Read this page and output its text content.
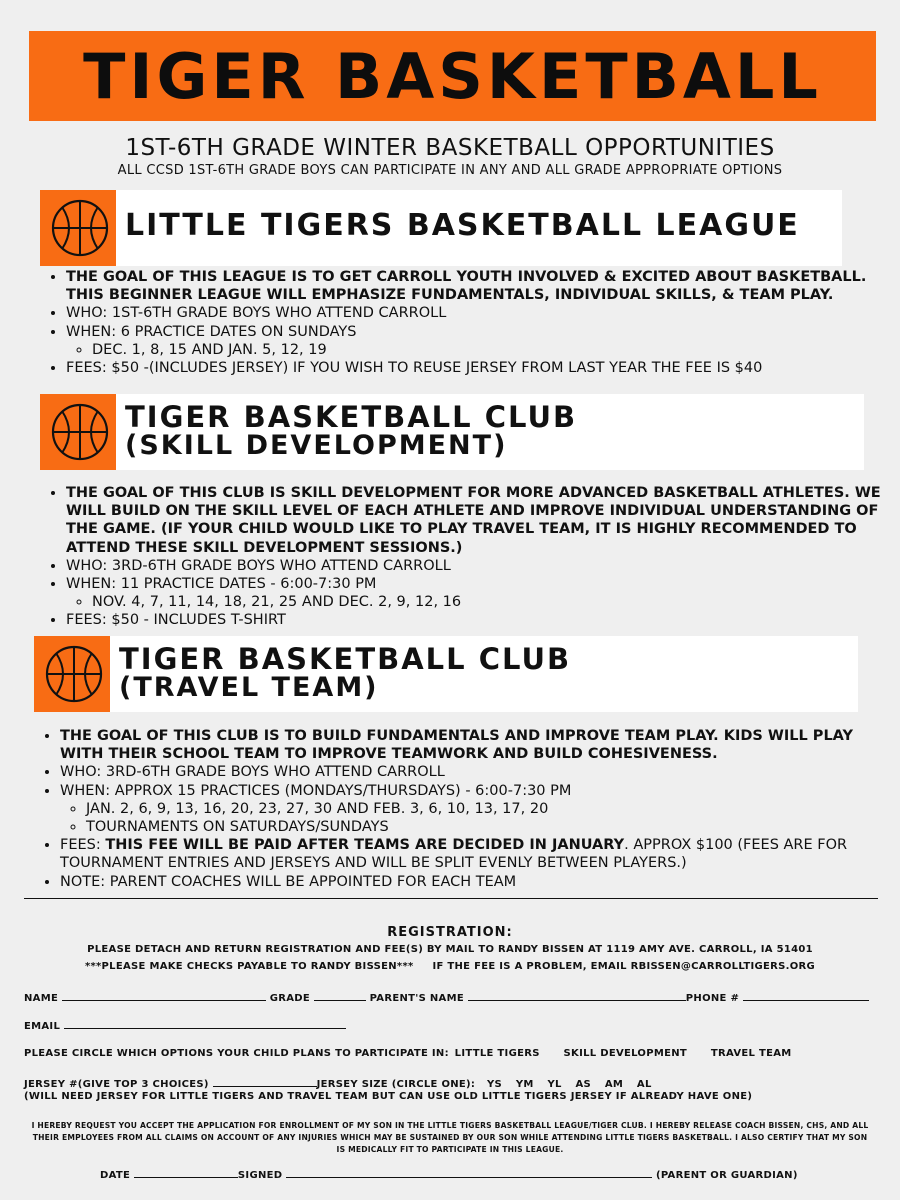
TIGER BASKETBALL
1ST-6TH GRADE WINTER BASKETBALL OPPORTUNITIES
ALL CCSD 1ST-6TH GRADE BOYS CAN PARTICIPATE IN ANY AND ALL GRADE APPROPRIATE OPTIONS
LITTLE TIGERS BASKETBALL LEAGUE
• THE GOAL OF THIS LEAGUE IS TO GET CARROLL YOUTH INVOLVED & EXCITED ABOUT BASKETBALL. THIS BEGINNER LEAGUE WILL EMPHASIZE FUNDAMENTALS, INDIVIDUAL SKILLS, & TEAM PLAY.
• WHO: 1ST-6TH GRADE BOYS WHO ATTEND CARROLL
• WHEN: 6 PRACTICE DATES ON SUNDAYS
◦ DEC. 1, 8, 15 AND JAN. 5, 12, 19
• FEES: $50 -(INCLUDES JERSEY) IF YOU WISH TO REUSE JERSEY FROM LAST YEAR THE FEE IS $40
TIGER BASKETBALL CLUB
(SKILL DEVELOPMENT)
• THE GOAL OF THIS CLUB IS SKILL DEVELOPMENT FOR MORE ADVANCED BASKETBALL ATHLETES. WE WILL BUILD ON THE SKILL LEVEL OF EACH ATHLETE AND IMPROVE INDIVIDUAL UNDERSTANDING OF THE GAME. (IF YOUR CHILD WOULD LIKE TO PLAY TRAVEL TEAM, IT IS HIGHLY RECOMMENDED TO ATTEND THESE SKILL DEVELOPMENT SESSIONS.)
• WHO: 3RD-6TH GRADE BOYS WHO ATTEND CARROLL
• WHEN: 11 PRACTICE DATES - 6:00-7:30 PM
◦ NOV. 4, 7, 11, 14, 18, 21, 25 AND DEC. 2, 9, 12, 16
• FEES: $50 - INCLUDES T-SHIRT
TIGER BASKETBALL CLUB
(TRAVEL TEAM)
• THE GOAL OF THIS CLUB IS TO BUILD FUNDAMENTALS AND IMPROVE TEAM PLAY. KIDS WILL PLAY WITH THEIR SCHOOL TEAM TO IMPROVE TEAMWORK AND BUILD COHESIVENESS.
• WHO: 3RD-6TH GRADE BOYS WHO ATTEND CARROLL
• WHEN: APPROX 15 PRACTICES (MONDAYS/THURSDAYS) - 6:00-7:30 PM
◦ JAN. 2, 6, 9, 13, 16, 20, 23, 27, 30 AND FEB. 3, 6, 10, 13, 17, 20
◦ TOURNAMENTS ON SATURDAYS/SUNDAYS
• FEES: THIS FEE WILL BE PAID AFTER TEAMS ARE DECIDED IN JANUARY. APPROX $100 (FEES ARE FOR TOURNAMENT ENTRIES AND JERSEYS AND WILL BE SPLIT EVENLY BETWEEN PLAYERS.)
• NOTE: PARENT COACHES WILL BE APPOINTED FOR EACH TEAM
REGISTRATION:
PLEASE DETACH AND RETURN REGISTRATION AND FEE(S) BY MAIL TO RANDY BISSEN AT 1119 AMY AVE. CARROLL, IA 51401
***PLEASE MAKE CHECKS PAYABLE TO RANDY BISSEN*** IF THE FEE IS A PROBLEM, EMAIL RBISSEN@CARROLLTIGERS.ORG
NAME	GRADE	PARENT'S NAME	PHONE #
EMAIL
PLEASE CIRCLE WHICH OPTIONS YOUR CHILD PLANS TO PARTICIPATE IN: LITTLE TIGERS SKILL DEVELOPMENT TRAVEL TEAM
JERSEY #(GIVE TOP 3 CHOICES)	JERSEY SIZE (CIRCLE ONE): YS YM YL AS AM AL
(WILL NEED JERSEY FOR LITTLE TIGERS AND TRAVEL TEAM BUT CAN USE OLD LITTLE TIGERS JERSEY IF ALREADY HAVE ONE)
I HEREBY REQUEST YOU ACCEPT THE APPLICATION FOR ENROLLMENT OF MY SON IN THE LITTLE TIGERS BASKETBALL LEAGUE/TIGER CLUB. I HEREBY RELEASE COACH BISSEN, CHS, AND ALL THEIR EMPLOYEES FROM ALL CLAIMS ON ACCOUNT OF ANY INJURIES WHICH MAY BE SUSTAINED BY OUR SON WHILE ATTENDING LITTLE TIGERS BASKETBALL. I ALSO CERTIFY THAT MY SON IS MEDICALLY FIT TO PARTICIPATE IN THIS LEAGUE.
DATE	SIGNED	(PARENT OR GUARDIAN)
